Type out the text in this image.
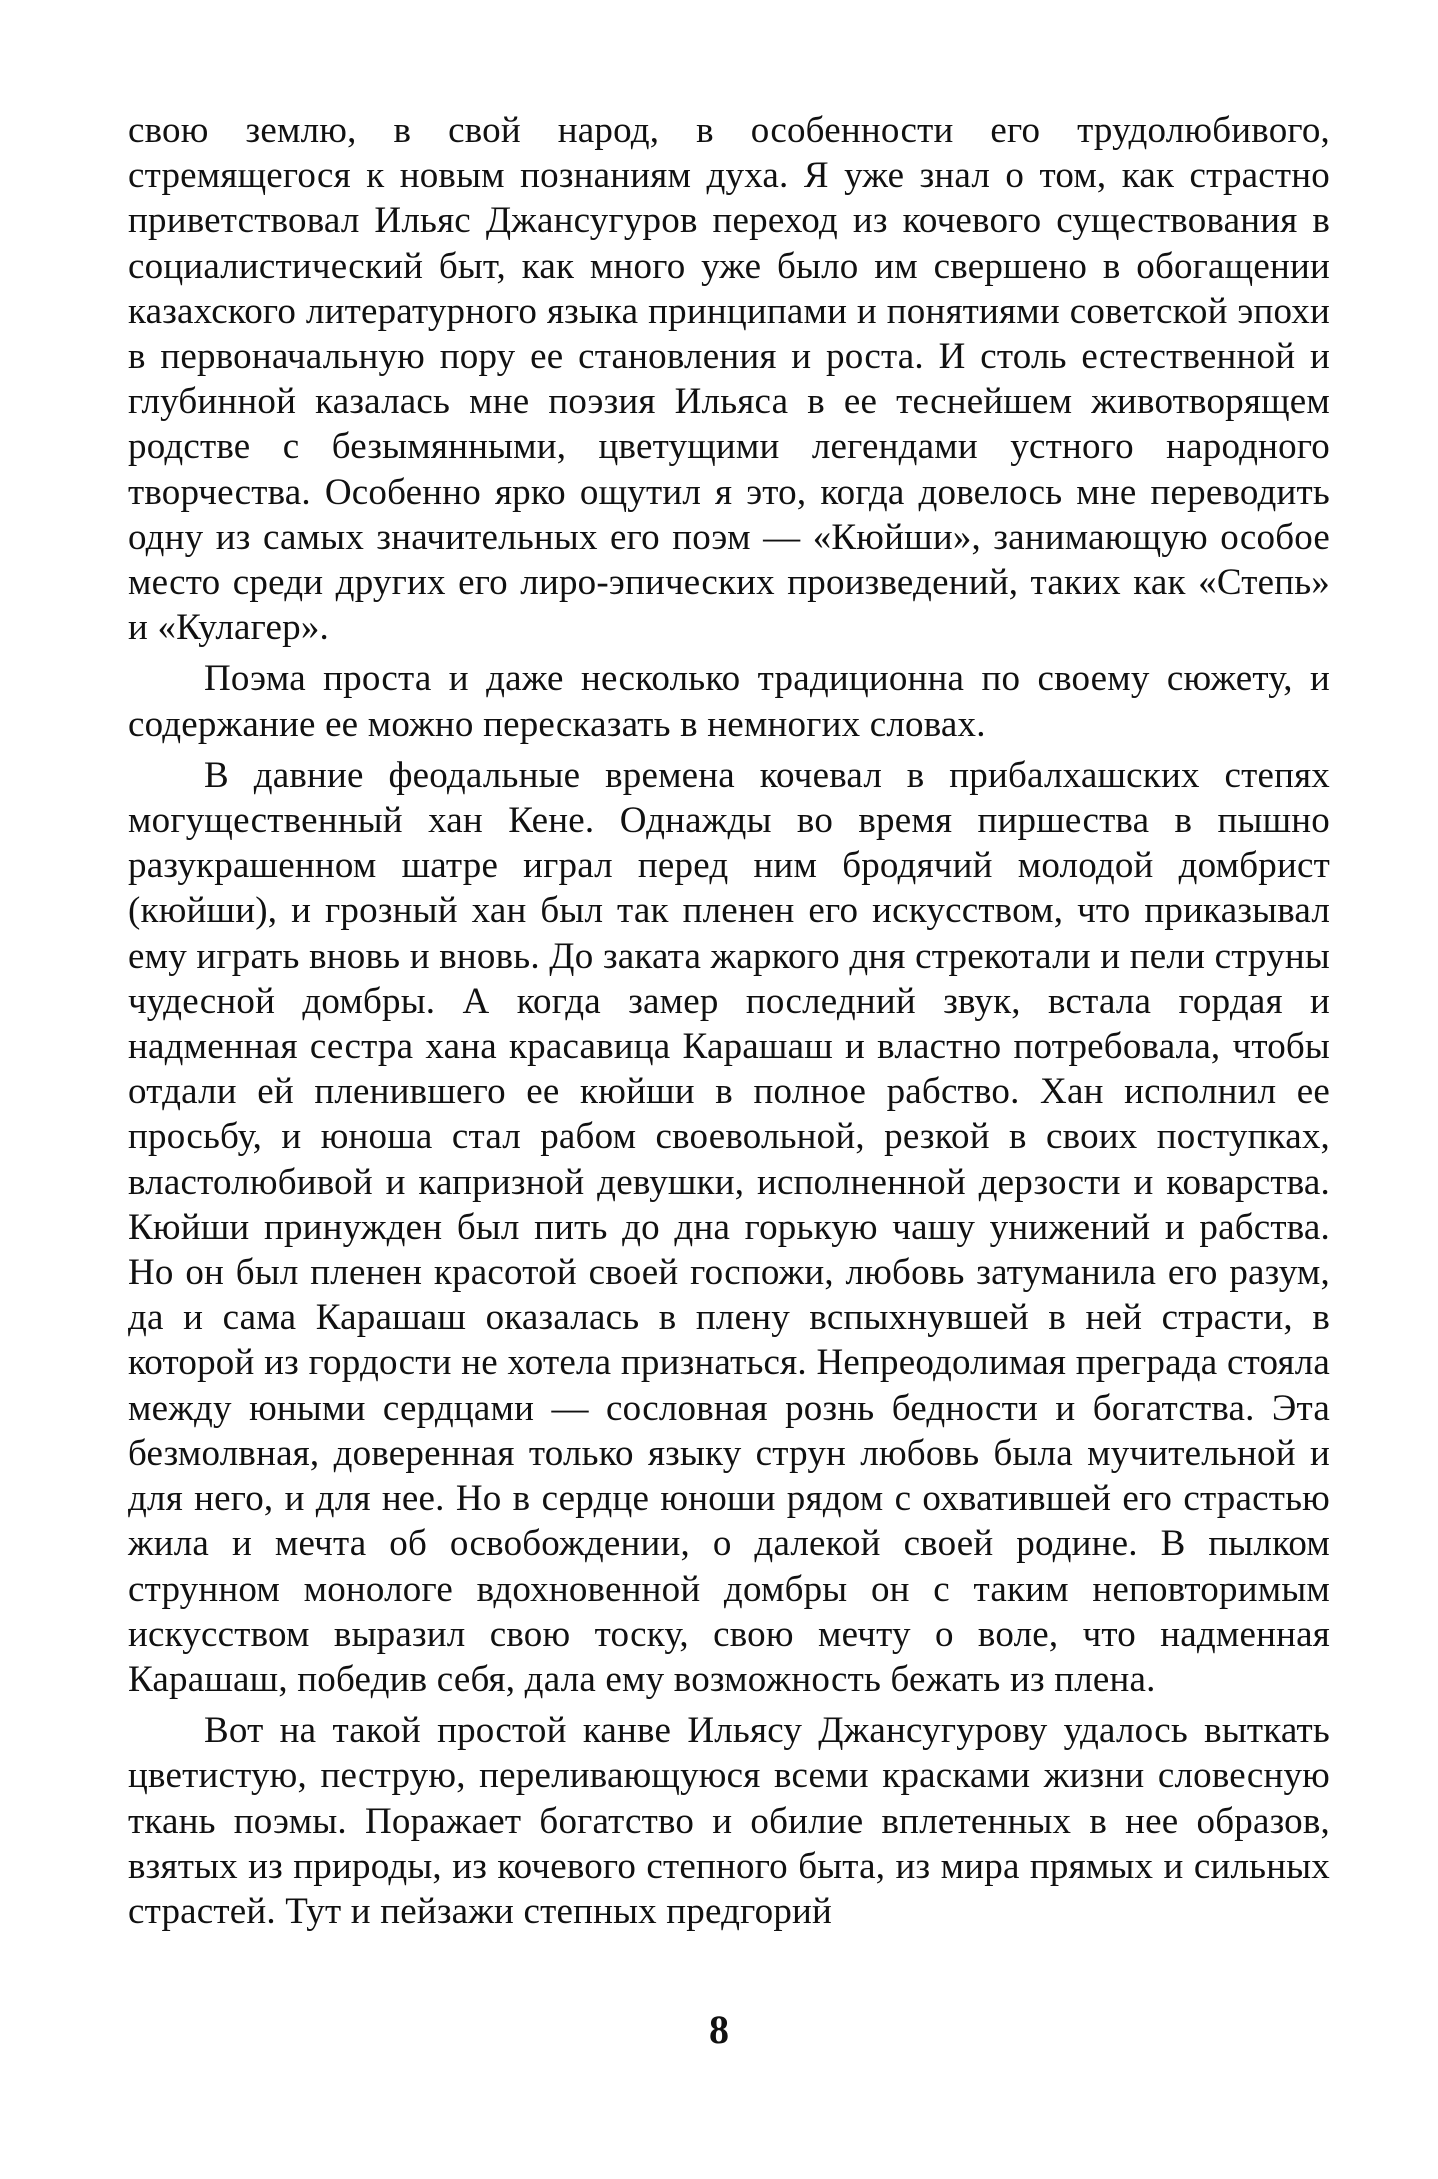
свою землю, в свой народ, в особенности его трудолюбивого, стремящегося к новым познаниям духа. Я уже знал о том, как страстно приветствовал Ильяс Джансугуров переход из кочевого существования в социалистический быт, как много уже было им свершено в обогащении казахского литературного языка принципами и понятиями советской эпохи в первоначальную пору ее становления и роста. И столь естественной и глубинной казалась мне поэзия Ильяса в ее теснейшем животворящем родстве с безымянными, цветущими легендами устного народного творчества. Особенно ярко ощутил я это, когда довелось мне переводить одну из самых значительных его поэм — «Кюйши», занимающую особое место среди других его лиро-эпических произведений, таких как «Степь» и «Кулагер».

Поэма проста и даже несколько традиционна по своему сюжету, и содержание ее можно пересказать в немногих словах.

В давние феодальные времена кочевал в прибалхашских степях могущественный хан Кене. Однажды во время пиршества в пышно разукрашенном шатре играл перед ним бродячий молодой домбрист (кюйши), и грозный хан был так пленен его искусством, что приказывал ему играть вновь и вновь. До заката жаркого дня стрекотали и пели струны чудесной домбры. А когда замер последний звук, встала гордая и надменная сестра хана красавица Карашаш и властно потребовала, чтобы отдали ей пленившего ее кюйши в полное рабство. Хан исполнил ее просьбу, и юноша стал рабом своевольной, резкой в своих поступках, властолюбивой и капризной девушки, исполненной дерзости и коварства. Кюйши принужден был пить до дна горькую чашу унижений и рабства. Но он был пленен красотой своей госпожи, любовь затуманила его разум, да и сама Карашаш оказалась в плену вспыхнувшей в ней страсти, в которой из гордости не хотела признаться. Непреодолимая преграда стояла между юными сердцами — сословная рознь бедности и богатства. Эта безмолвная, доверенная только языку струн любовь была мучительной и для него, и для нее. Но в сердце юноши рядом с охватившей его страстью жила и мечта об освобождении, о далекой своей родине. В пылком струнном монологе вдохновенной домбры он с таким неповторимым искусством выразил свою тоску, свою мечту о воле, что надменная Карашаш, победив себя, дала ему возможность бежать из плена.

Вот на такой простой канве Ильясу Джансугурову удалось выткать цветистую, пеструю, переливающуюся всеми красками жизни словесную ткань поэмы. Поражает богатство и обилие вплетенных в нее образов, взятых из природы, из кочевого степного быта, из мира прямых и сильных страстей. Тут и пейзажи степных предгорий

8
